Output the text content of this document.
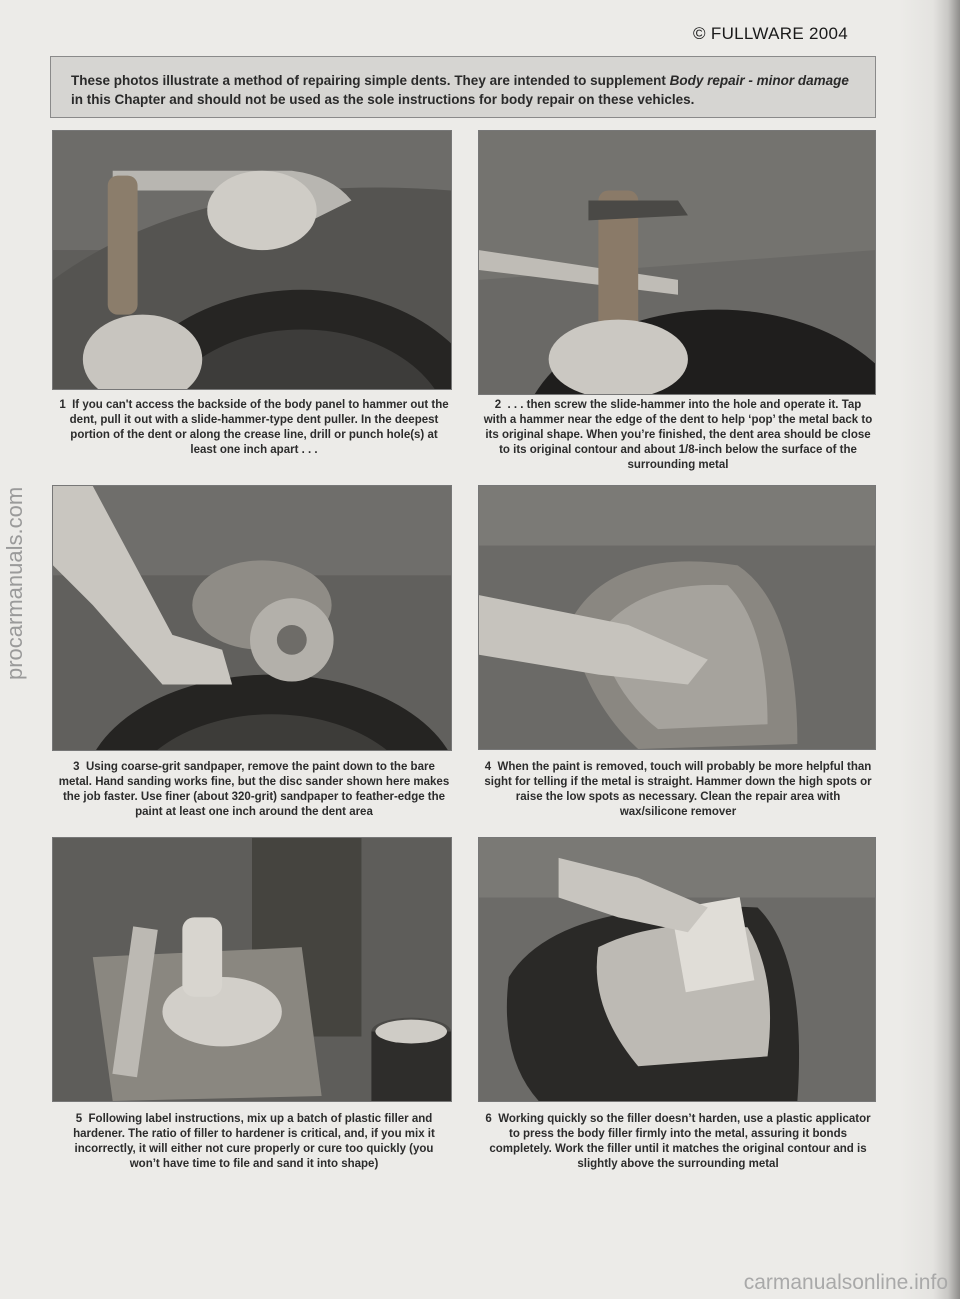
© FULLWARE 2004
These photos illustrate a method of repairing simple dents. They are intended to supplement Body repair - minor damage in this Chapter and should not be used as the sole instructions for body repair on these vehicles.
1 If you can't access the backside of the body panel to hammer out the dent, pull it out with a slide-hammer-type dent puller. In the deepest portion of the dent or along the crease line, drill or punch hole(s) at least one inch apart . . .
2 . . . then screw the slide-hammer into the hole and operate it. Tap with a hammer near the edge of the dent to help ‘pop’ the metal back to its original shape. When you’re finished, the dent area should be close to its original contour and about 1/8-inch below the surface of the surrounding metal
3 Using coarse-grit sandpaper, remove the paint down to the bare metal. Hand sanding works fine, but the disc sander shown here makes the job faster. Use finer (about 320-grit) sandpaper to feather-edge the paint at least one inch around the dent area
4 When the paint is removed, touch will probably be more helpful than sight for telling if the metal is straight. Hammer down the high spots or raise the low spots as necessary. Clean the repair area with wax/silicone remover
5 Following label instructions, mix up a batch of plastic filler and hardener. The ratio of filler to hardener is critical, and, if you mix it incorrectly, it will either not cure properly or cure too quickly (you won’t have time to file and sand it into shape)
6 Working quickly so the filler doesn’t harden, use a plastic applicator to press the body filler firmly into the metal, assuring it bonds completely. Work the filler until it matches the original contour and is slightly above the surrounding metal
procarmanuals.com
carmanualsonline.info
